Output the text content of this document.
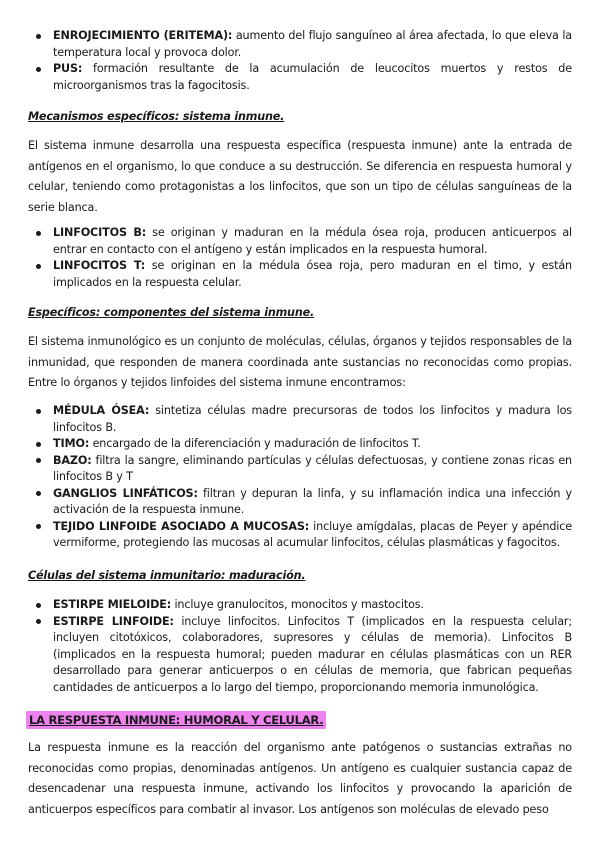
ENROJECIMIENTO (ERITEMA): aumento del flujo sanguíneo al área afectada, lo que eleva la temperatura local y provoca dolor.
PUS: formación resultante de la acumulación de leucocitos muertos y restos de microorganismos tras la fagocitosis.
Mecanismos específicos: sistema inmune.

El sistema inmune desarrolla una respuesta específica (respuesta inmune) ante la entrada de antígenos en el organismo, lo que conduce a su destrucción. Se diferencia en respuesta humoral y celular, teniendo como protagonistas a los linfocitos, que son un tipo de células sanguíneas de la serie blanca.

LINFOCITOS B: se originan y maduran en la médula ósea roja, producen anticuerpos al entrar en contacto con el antígeno y están implicados en la respuesta humoral.
LINFOCITOS T: se originan en la médula ósea roja, pero maduran en el timo, y están implicados en la respuesta celular.
Específicos: componentes del sistema inmune.

El sistema inmunológico es un conjunto de moléculas, células, órganos y tejidos responsables de la inmunidad, que responden de manera coordinada ante sustancias no reconocidas como propias. Entre lo órganos y tejidos linfoides del sistema inmune encontramos:

MÉDULA ÓSEA: sintetiza células madre precursoras de todos los linfocitos y madura los linfocitos B.
TIMO: encargado de la diferenciación y maduración de linfocitos T.
BAZO: filtra la sangre, eliminando partículas y células defectuosas, y contiene zonas ricas en linfocitos B y T
GANGLIOS LINFÁTICOS: filtran y depuran la linfa, y su inflamación indica una infección y activación de la respuesta inmune.
TEJIDO LINFOIDE ASOCIADO A MUCOSAS: incluye amígdalas, placas de Peyer y apéndice vermiforme, protegiendo las mucosas al acumular linfocitos, células plasmáticas y fagocitos.
Células del sistema inmunitario: maduración.
ESTIRPE MIELOIDE: incluye granulocitos, monocitos y mastocitos.
ESTIRPE LINFOIDE: incluye linfocitos. Linfocitos T (implicados en la respuesta celular; incluyen citotóxicos, colaboradores, supresores y células de memoria). Linfocitos B (implicados en la respuesta humoral; pueden madurar en células plasmáticas con un RER desarrollado para generar anticuerpos o en células de memoria, que fabrican pequeñas cantidades de anticuerpos a lo largo del tiempo, proporcionando memoria inmunológica.
LA RESPUESTA INMUNE: HUMORAL Y CELULAR.

La respuesta inmune es la reacción del organismo ante patógenos o sustancias extrañas no reconocidas como propias, denominadas antígenos. Un antígeno es cualquier sustancia capaz de desencadenar una respuesta inmune, activando los linfocitos y provocando la aparición de anticuerpos específicos para combatir al invasor. Los antígenos son moléculas de elevado peso
